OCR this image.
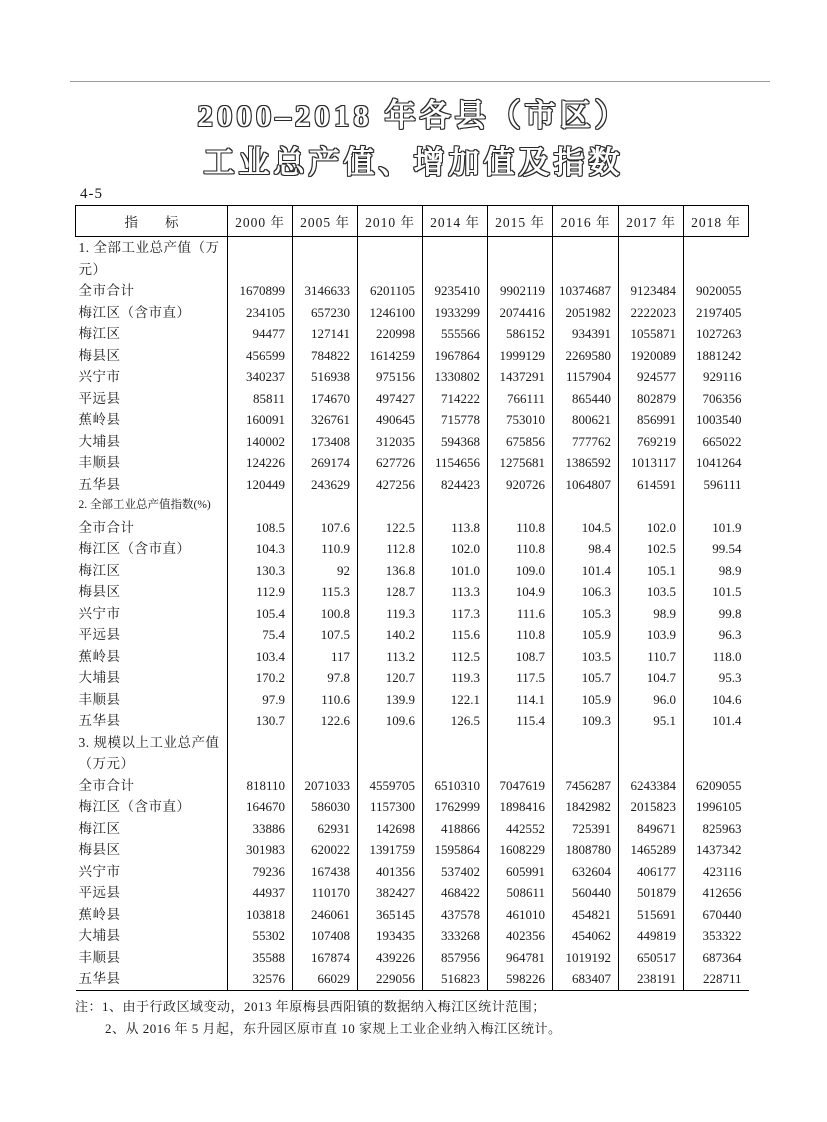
2000–2018 年各县（市区）
工业总产值、增加值及指数
4-5
指　　标	2000 年	2005 年	2010 年	2014 年	2015 年	2016 年	2017 年	2018 年
1. 全部工业总产值（万元）								
全市合计	1670899	3146633	6201105	9235410	9902119	10374687	9123484	9020055
梅江区（含市直）	234105	657230	1246100	1933299	2074416	2051982	2222023	2197405
梅江区	94477	127141	220998	555566	586152	934391	1055871	1027263
梅县区	456599	784822	1614259	1967864	1999129	2269580	1920089	1881242
兴宁市	340237	516938	975156	1330802	1437291	1157904	924577	929116
平远县	85811	174670	497427	714222	766111	865440	802879	706356
蕉岭县	160091	326761	490645	715778	753010	800621	856991	1003540
大埔县	140002	173408	312035	594368	675856	777762	769219	665022
丰顺县	124226	269174	627726	1154656	1275681	1386592	1013117	1041264
五华县	120449	243629	427256	824423	920726	1064807	614591	596111
2. 全部工业总产值指数(%)								
全市合计	108.5	107.6	122.5	113.8	110.8	104.5	102.0	101.9
梅江区（含市直）	104.3	110.9	112.8	102.0	110.8	98.4	102.5	99.54
梅江区	130.3	92	136.8	101.0	109.0	101.4	105.1	98.9
梅县区	112.9	115.3	128.7	113.3	104.9	106.3	103.5	101.5
兴宁市	105.4	100.8	119.3	117.3	111.6	105.3	98.9	99.8
平远县	75.4	107.5	140.2	115.6	110.8	105.9	103.9	96.3
蕉岭县	103.4	117	113.2	112.5	108.7	103.5	110.7	118.0
大埔县	170.2	97.8	120.7	119.3	117.5	105.7	104.7	95.3
丰顺县	97.9	110.6	139.9	122.1	114.1	105.9	96.0	104.6
五华县	130.7	122.6	109.6	126.5	115.4	109.3	95.1	101.4
3. 规模以上工业总产值（万元）								
全市合计	818110	2071033	4559705	6510310	7047619	7456287	6243384	6209055
梅江区（含市直）	164670	586030	1157300	1762999	1898416	1842982	2015823	1996105
梅江区	33886	62931	142698	418866	442552	725391	849671	825963
梅县区	301983	620022	1391759	1595864	1608229	1808780	1465289	1437342
兴宁市	79236	167438	401356	537402	605991	632604	406177	423116
平远县	44937	110170	382427	468422	508611	560440	501879	412656
蕉岭县	103818	246061	365145	437578	461010	454821	515691	670440
大埔县	55302	107408	193435	333268	402356	454062	449819	353322
丰顺县	35588	167874	439226	857956	964781	1019192	650517	687364
五华县	32576	66029	229056	516823	598226	683407	238191	228711
注：1、由于行政区域变动，2013 年原梅县西阳镇的数据纳入梅江区统计范围；
2、从 2016 年 5 月起，东升园区原市直 10 家规上工业企业纳入梅江区统计。
